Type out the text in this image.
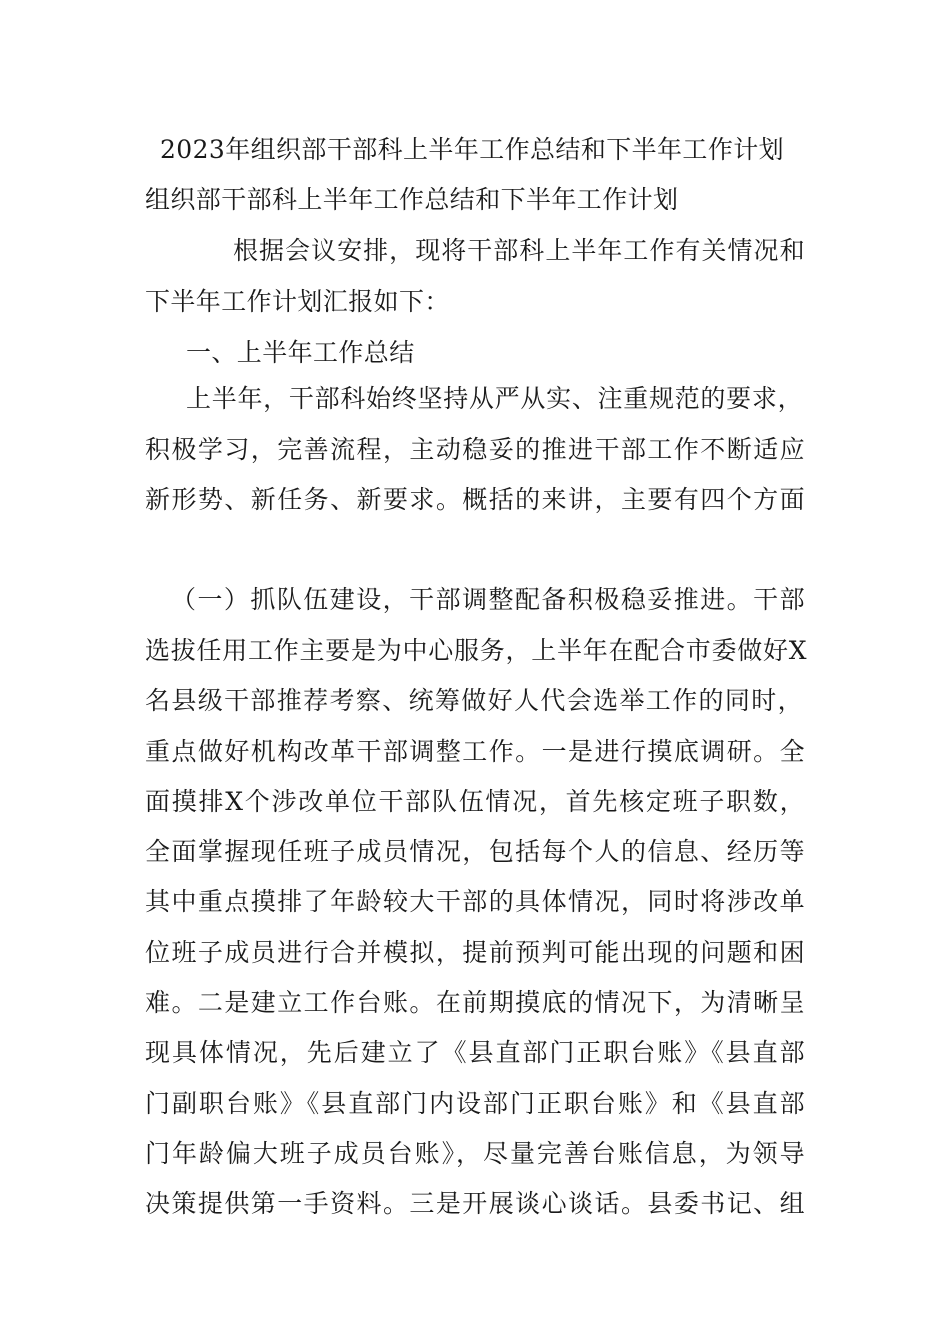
2023年组织部干部科上半年工作总结和下半年工作计划
组织部干部科上半年工作总结和下半年工作计划
根据会议安排，现将干部科上半年工作有关情况和
下半年工作计划汇报如下：
一、上半年工作总结
上半年，干部科始终坚持从严从实、注重规范的要求，
积极学习，完善流程，主动稳妥的推进干部工作不断适应
新形势、新任务、新要求。概括的来讲，主要有四个方面
（一）抓队伍建设，干部调整配备积极稳妥推进。干部
选拔任用工作主要是为中心服务，上半年在配合市委做好X
名县级干部推荐考察、统筹做好人代会选举工作的同时，
重点做好机构改革干部调整工作。一是进行摸底调研。全
面摸排X个涉改单位干部队伍情况，首先核定班子职数，
全面掌握现任班子成员情况，包括每个人的信息、经历等
其中重点摸排了年龄较大干部的具体情况，同时将涉改单
位班子成员进行合并模拟，提前预判可能出现的问题和困
难。二是建立工作台账。在前期摸底的情况下，为清晰呈
现具体情况，先后建立了《县直部门正职台账》《县直部
门副职台账》《县直部门内设部门正职台账》和《县直部
门年龄偏大班子成员台账》，尽量完善台账信息，为领导
决策提供第一手资料。三是开展谈心谈话。县委书记、组
